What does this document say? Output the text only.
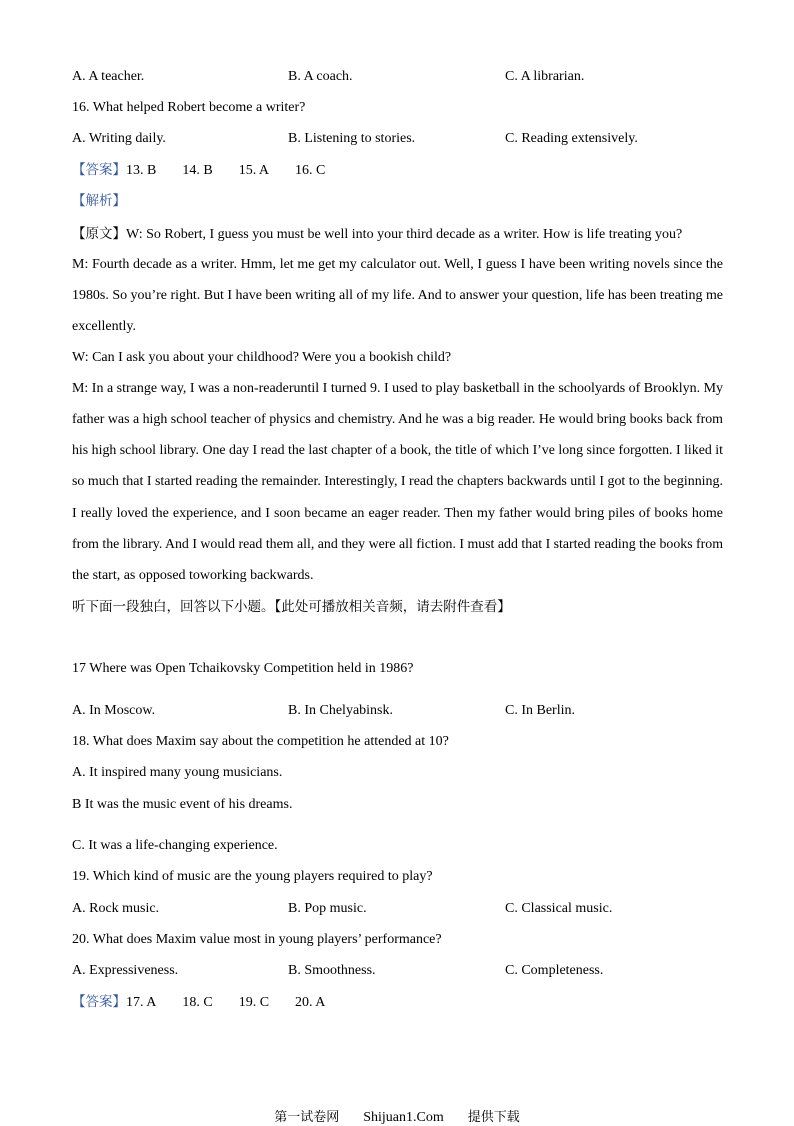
A. A teacher.	B. A coach.	C. A librarian.
16. What helped Robert become a writer?
A. Writing daily.	B. Listening to stories.	C. Reading extensively.
【答案】13. B 14. B 15. A 16. C
【解析】
【原文】W: So Robert, I guess you must be well into your third decade as a writer. How is life treating you?
M: Fourth decade as a writer. Hmm, let me get my calculator out. Well, I guess I have been writing novels since the
1980s. So you’re right. But I have been writing all of my life. And to answer your question, life has been treating me
excellently.
W: Can I ask you about your childhood? Were you a bookish child?
M: In a strange way, I was a non-readeruntil I turned 9. I used to play basketball in the schoolyards of Brooklyn. My
father was a high school teacher of physics and chemistry. And he was a big reader. He would bring books back from
his high school library. One day I read the last chapter of a book, the title of which I’ve long since forgotten. I liked it
so much that I started reading the remainder. Interestingly, I read the chapters backwards until I got to the beginning.
I really loved the experience, and I soon became an eager reader. Then my father would bring piles of books home
from the library. And I would read them all, and they were all fiction. I must add that I started reading the books from
the start, as opposed toworking backwards.
听下面一段独白，回答以下小题。【此处可播放相关音频，请去附件查看】
17 Where was Open Tchaikovsky Competition held in 1986?
A. In Moscow.	B. In Chelyabinsk.	C. In Berlin.
18. What does Maxim say about the competition he attended at 10?
A. It inspired many young musicians.
B It was the music event of his dreams.
C. It was a life-changing experience.
19. Which kind of music are the young players required to play?
A. Rock music.	B. Pop music.	C. Classical music.
20. What does Maxim value most in young players’ performance?
A. Expressiveness.	B. Smoothness.	C. Completeness.
【答案】17. A 18. C 19. C 20. A
第一试卷网 Shijuan1.Com 提供下载
